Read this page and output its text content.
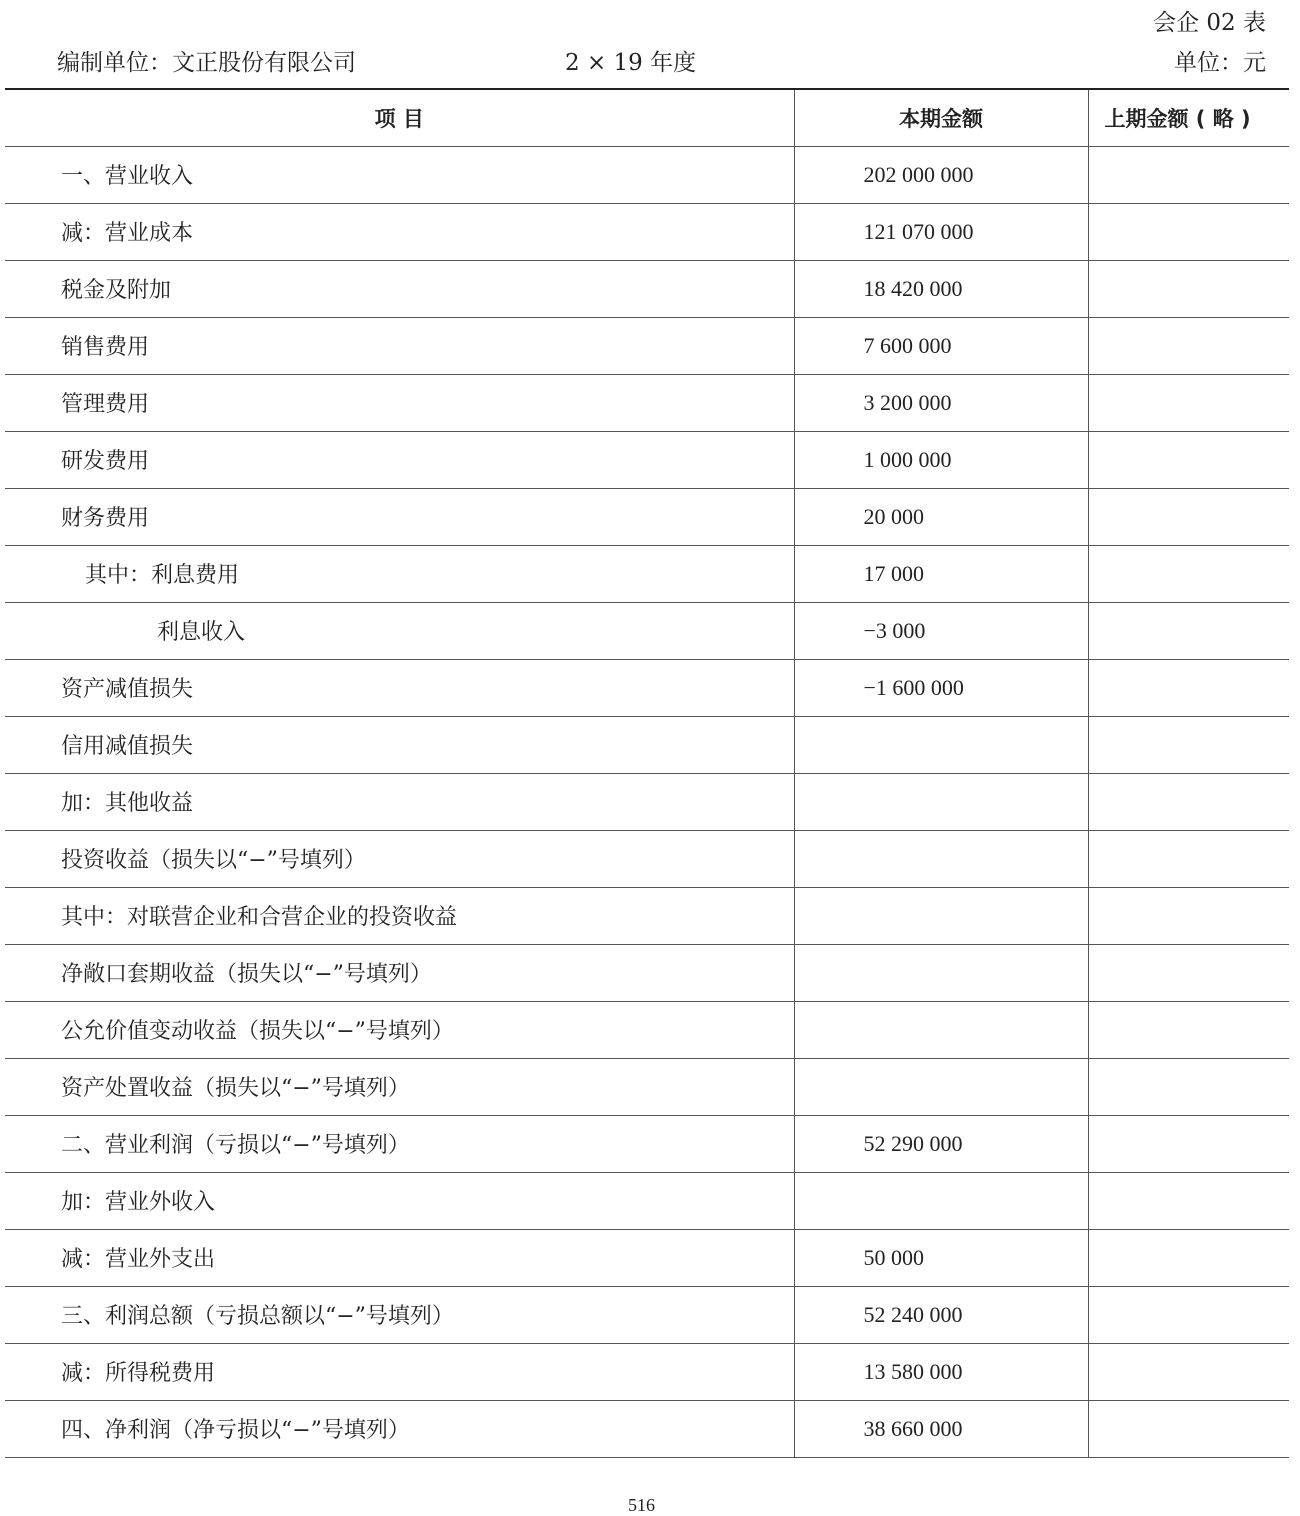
会企 02 表
编制单位：文正股份有限公司	2 × 19 年度	单位：元
项 目	本期金额	上期金额 ( 略 )
一、营业收入	202 000 000	
减：营业成本	121 070 000	
税金及附加	18 420 000	
销售费用	7 600 000	
管理费用	3 200 000	
研发费用	1 000 000	
财务费用	20 000	
其中：利息费用	17 000	
利息收入	−3 000	
资产减值损失	−1 600 000	
信用减值损失		
加：其他收益		
投资收益（损失以“−”号填列）		
其中：对联营企业和合营企业的投资收益		
净敞口套期收益（损失以“−”号填列）		
公允价值变动收益（损失以“−”号填列）		
资产处置收益（损失以“−”号填列）		
二、营业利润（亏损以“−”号填列）	52 290 000	
加：营业外收入		
减：营业外支出	50 000	
三、利润总额（亏损总额以“−”号填列）	52 240 000	
减：所得税费用	13 580 000	
四、净利润（净亏损以“−”号填列）	38 660 000	
516
